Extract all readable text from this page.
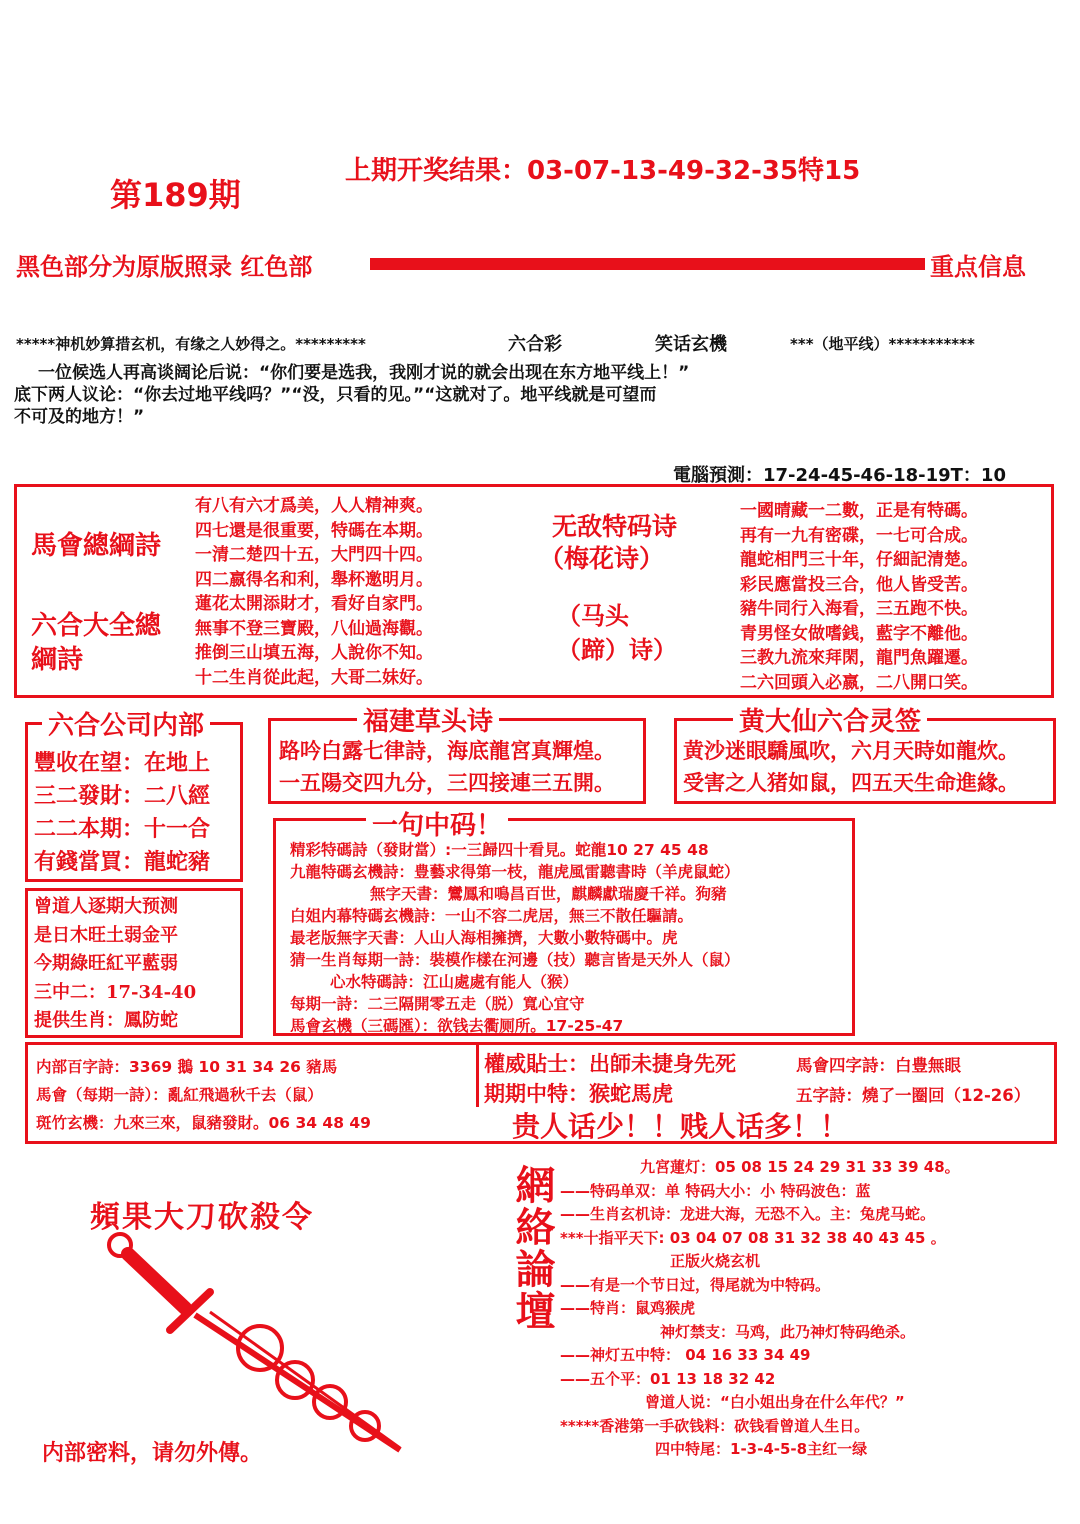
上期开奖结果：03-07-13-49-32-35特15
第189期
黑色部分为原版照录 红色部	重点信息
*****神机妙算措玄机，有缘之人妙得之。*********	六合彩	笑话玄機	***（地平线）***********
一位候选人再高谈阔论后说：“你们要是选我，我刚才说的就会出现在东方地平线上！”
底下两人议论：“你去过地平线吗？”“没，只看的见。”“这就对了。地平线就是可望而
不可及的地方！”
電腦預測：17-24-45-46-18-19T：10
馬會總綱詩
六合大全總綱詩
有八有六才爲美，人人精神爽。
四七還是很重要，特碼在本期。
一清二楚四十五，大門四十四。
四二嬴得名和利，舉杯邀明月。
蓮花太開添財才，看好自家門。
無事不登三寶殿，八仙過海觀。
推倒三山填五海，人說你不知。
十二生肖從此起，大哥二妹好。
无敌特码诗
（梅花诗）
（马头（蹄）诗）
一國晴藏一二數，正是有特碼。
再有一九有密碟，一七可合成。
龍蛇相門三十年，仔細記清楚。
彩民應當投三合，他人皆受苦。
豬牛同行入海看，三五跑不快。
青男怪女做嗜銭，藍字不離他。
三教九流來拜閑，龍門魚躍遷。
二六回頭入必嬴，二八開口笑。
六合公司内部
豐收在望：在地上
三二發財：二八經
二二本期：十一合
有錢當買：龍蛇豬
福建草头诗
路吟白露七律詩，海底龍宮真輝煌。
一五陽交四九分，三四接連三五開。
黄大仙六合灵签
黄沙迷眼驕風吹，六月天時如龍炊。
受害之人猪如鼠，四五天生命進緣。
一句中码！
精彩特碼詩（發財當）:一三歸四十看見。蛇龍10 27 45 48
九龍特碼玄機詩：豊藝求得第一枝，龍虎風雷聽書時（羊虎鼠蛇）
無字天書：鸞鳳和鳴昌百世，麒麟獻瑞慶千祥。狗豬
白姐内幕特碼玄機詩：一山不容二虎居，無三不散任驅請。
最老版無字天書：人山人海相擁擠，大數小數特碼中。虎
猜一生肖每期一詩：裝模作樣在河邊（技）聽言皆是天外人（鼠）
心水特碼詩：江山處處有能人（猴）
每期一詩：二三隔開零五走（脱）寬心宜守
馬會玄機（三碼匯）：欲钱去衢厕所。17-25-47
曾道人逐期大预测
是日木旺土弱金平
今期綠旺紅平藍弱
三中二：17-34-40
提供生肖：鳳防蛇
内部百字詩：3369 鵝 10 31 34 26 豬馬
馬會（每期一詩）：亂紅飛過秋千去（鼠）
斑竹玄機：九來三來，鼠豬發財。06 34 48 49
權威貼士：出師未捷身先死
期期中特：猴蛇馬虎
馬會四字詩：白豊無眼
五字詩：燒了一圈回（12-26）
贵人话少！！贱人话多！！
頻果大刀砍殺令
内部密料，请勿外傳。
網絡論壇	九宮蓮灯：05 08 15 24 29 31 33 39 48。
——特码单双：单 特码大小：小 特码波色：蓝
——生肖玄机诗：龙进大海，无恐不入。主：兔虎马蛇。
***十指平天下: 03 04 07 08 31 32 38 40 43 45 。
正版火烧玄机
——有是一个节日过，得尾就为中特码。
——特肖：鼠鸡猴虎
神灯禁支：马鸡，此乃神灯特码绝杀。
——神灯五中特： 04 16 33 34 49
——五个平：01 13 18 32 42
曾道人说：“白小姐出身在什么年代？”
*****香港第一手砍钱料：砍钱看曾道人生日。
四中特尾：1-3-4-5-8主红一绿
